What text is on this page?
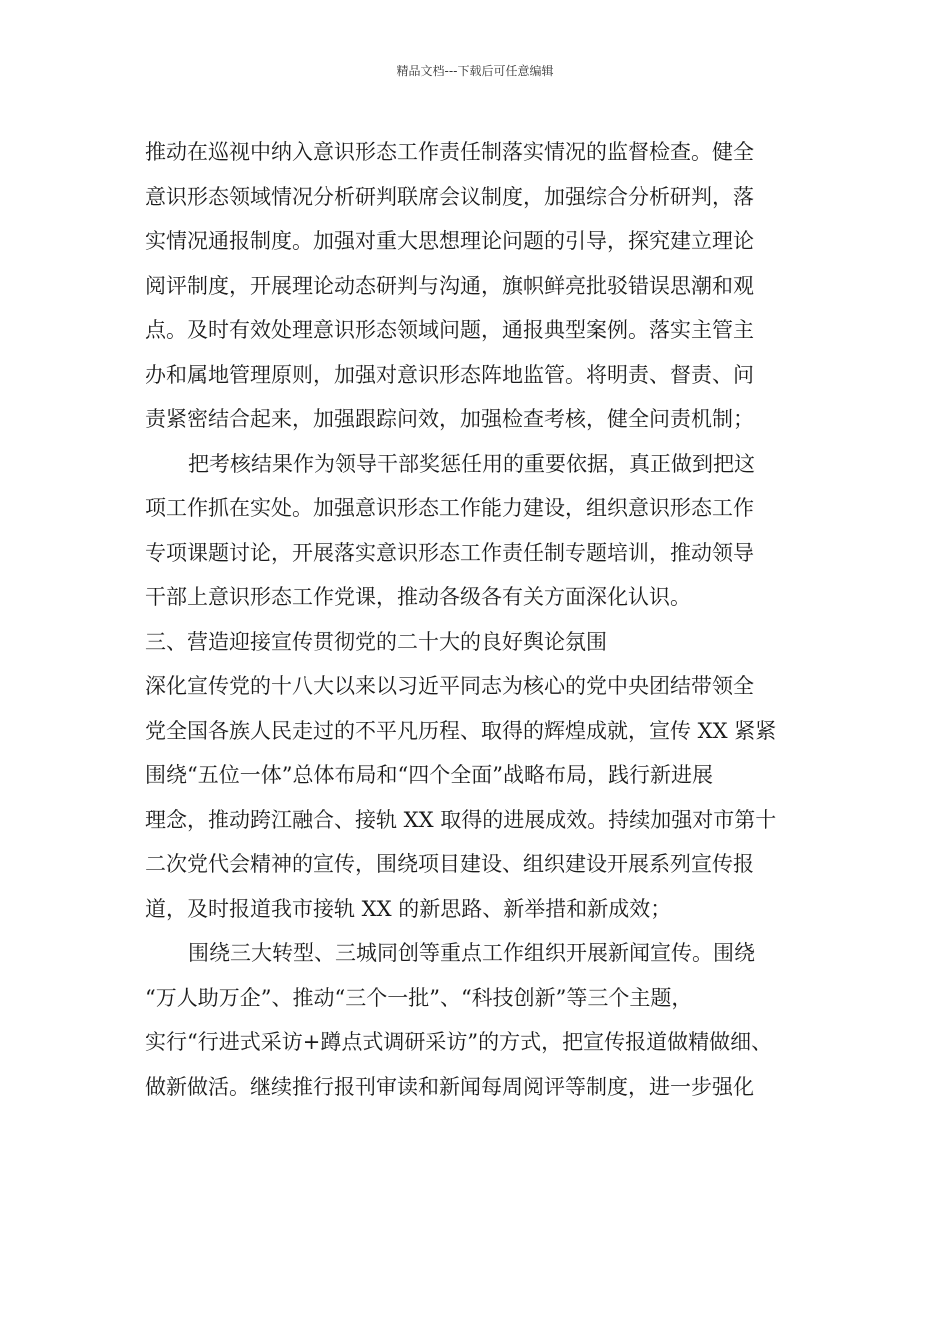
精品文档---下载后可任意编辑
推动在巡视中纳入意识形态工作责任制落实情况的监督检查。健全
意识形态领域情况分析研判联席会议制度，加强综合分析研判，落
实情况通报制度。加强对重大思想理论问题的引导，探究建立理论
阅评制度，开展理论动态研判与沟通，旗帜鲜亮批驳错误思潮和观
点。及时有效处理意识形态领域问题，通报典型案例。落实主管主
办和属地管理原则，加强对意识形态阵地监管。将明责、督责、问
责紧密结合起来，加强跟踪问效，加强检查考核，健全问责机制；
把考核结果作为领导干部奖惩任用的重要依据，真正做到把这
项工作抓在实处。加强意识形态工作能力建设，组织意识形态工作
专项课题讨论，开展落实意识形态工作责任制专题培训，推动领导
干部上意识形态工作党课，推动各级各有关方面深化认识。
三、营造迎接宣传贯彻党的二十大的良好舆论氛围
深化宣传党的十八大以来以习近平同志为核心的党中央团结带领全
党全国各族人民走过的不平凡历程、取得的辉煌成就，宣传 XX 紧紧
围绕“五位一体”总体布局和“四个全面”战略布局，践行新进展
理念，推动跨江融合、接轨 XX 取得的进展成效。持续加强对市第十
二次党代会精神的宣传，围绕项目建设、组织建设开展系列宣传报
道，及时报道我市接轨 XX 的新思路、新举措和新成效；
围绕三大转型、三城同创等重点工作组织开展新闻宣传。围绕
“万人助万企”、推动“三个一批”、“科技创新”等三个主题，
实行“行进式采访+蹲点式调研采访”的方式，把宣传报道做精做细、
做新做活。继续推行报刊审读和新闻每周阅评等制度，进一步强化
